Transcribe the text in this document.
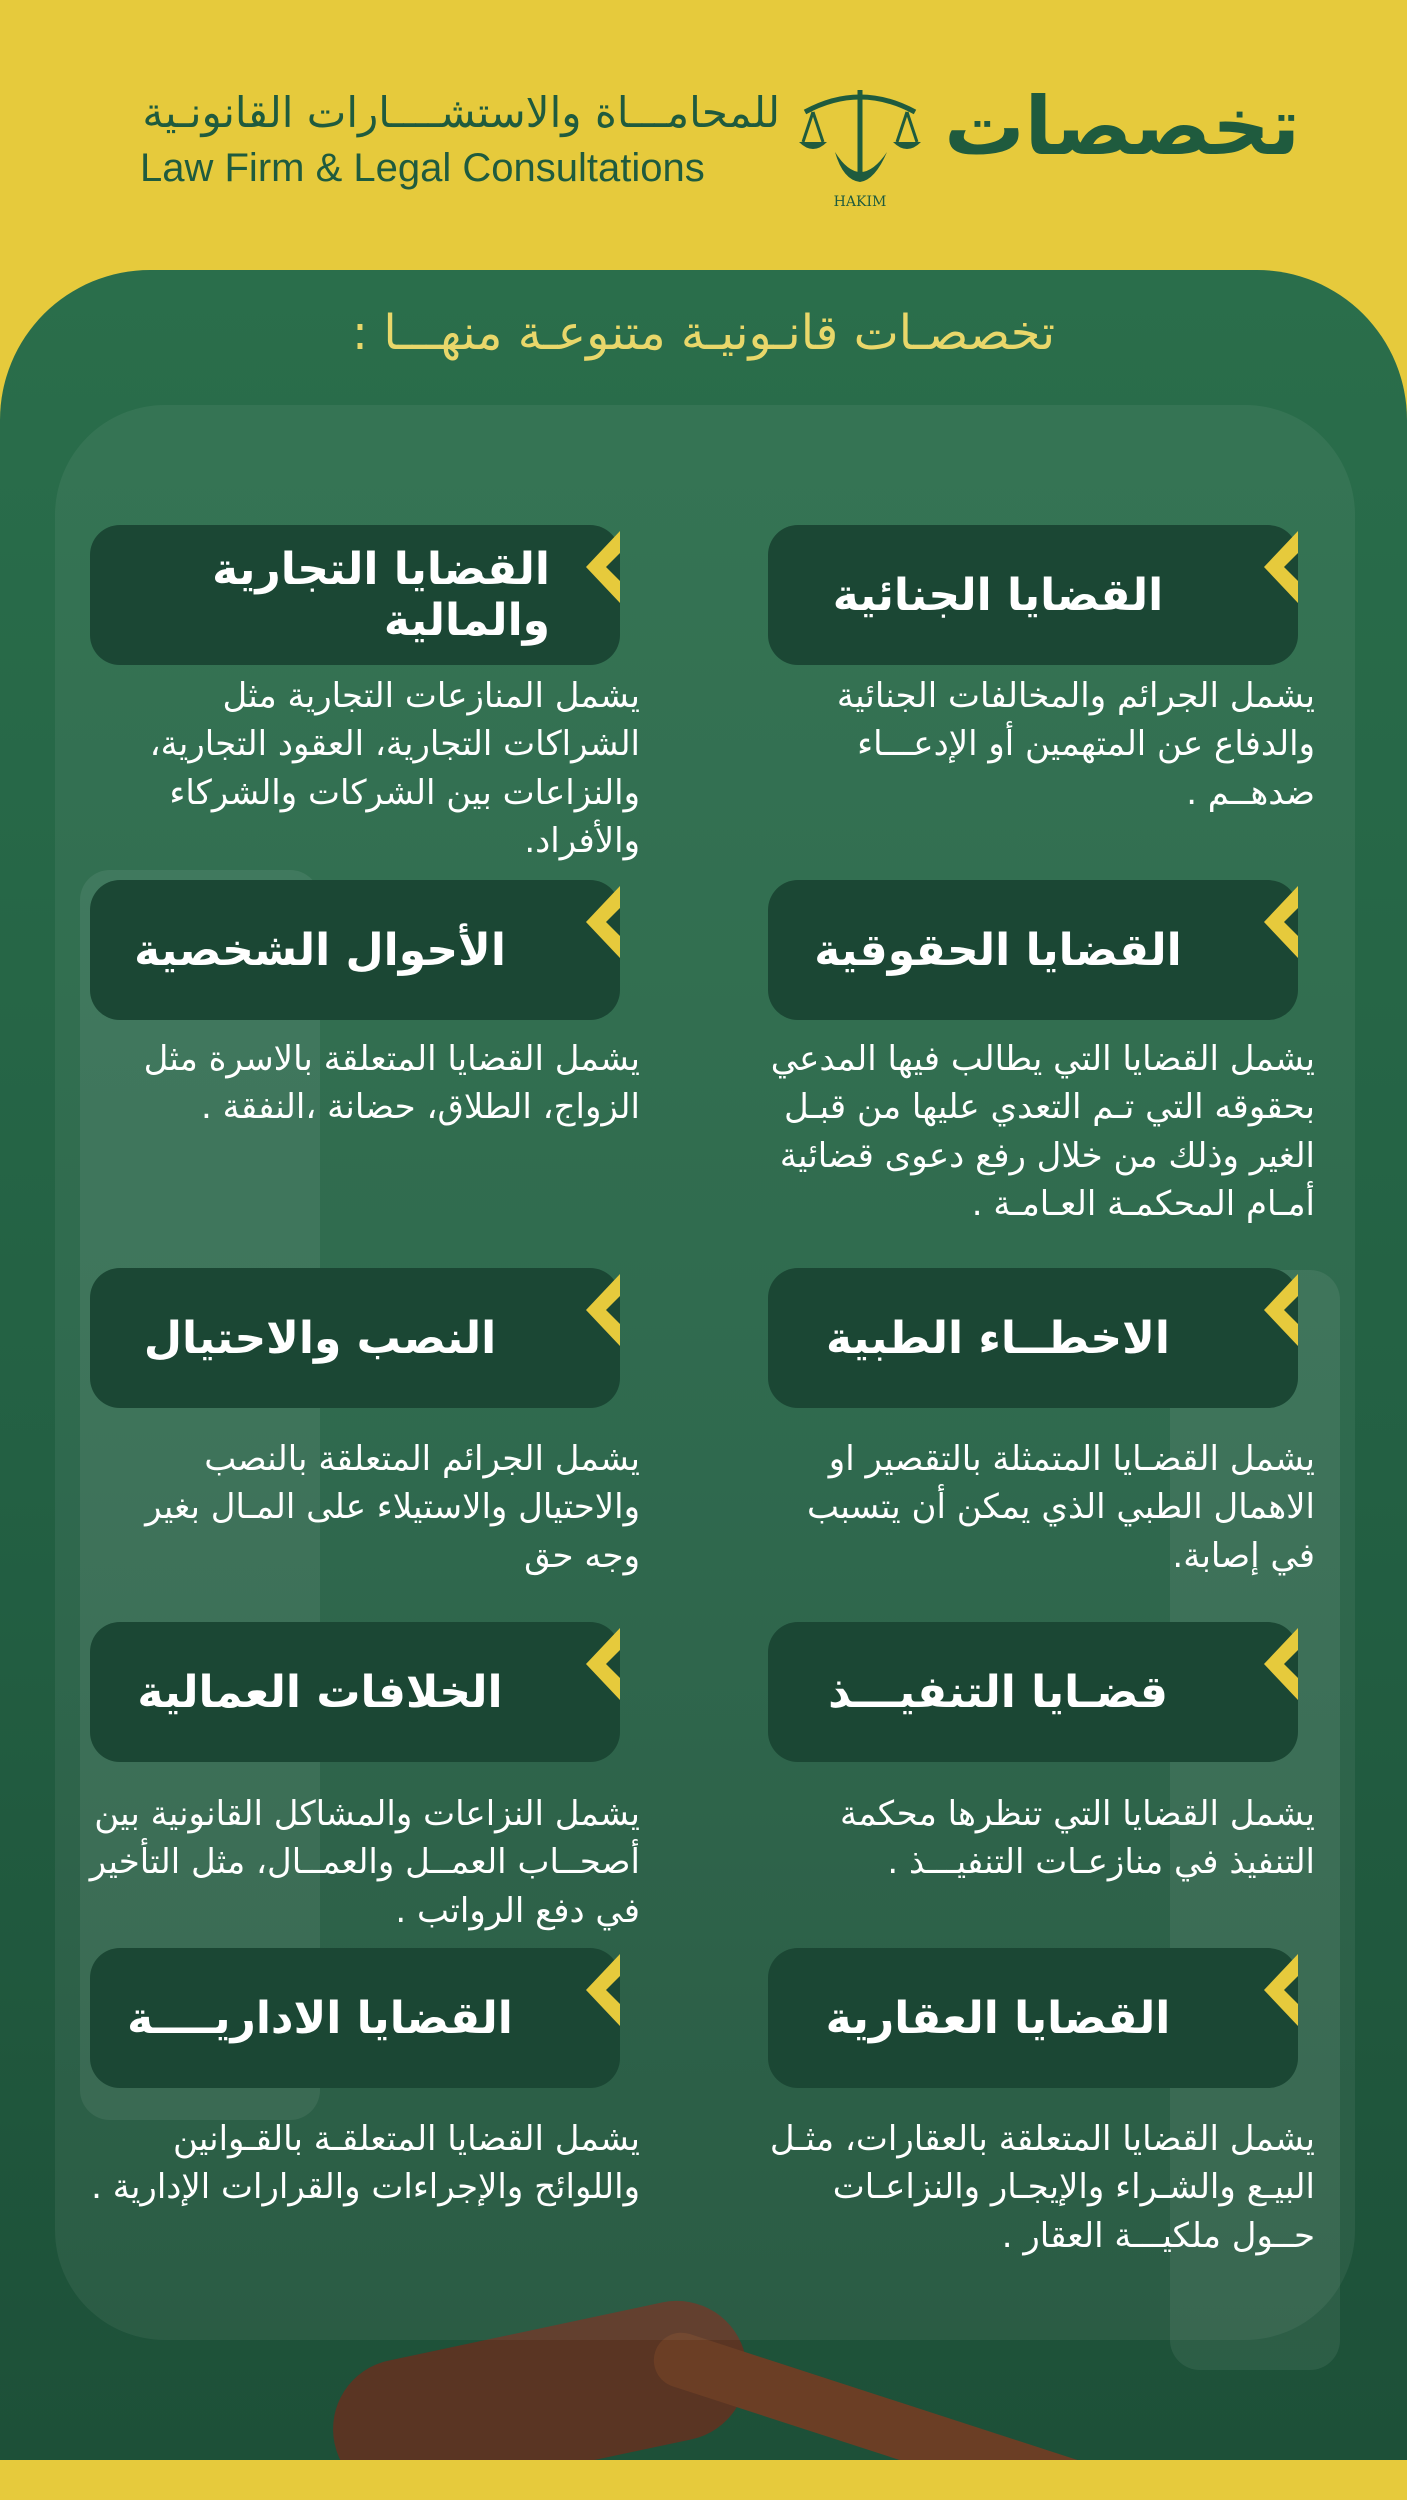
تخصصات
HAKIM
للمحامـــاة والاستشــــارات القانونـية
Law Firm & Legal Consultations
تخصصـات قانـونيـة متنوعـة منهـــا :
القضايا الجنائية
يشمل الجرائم والمخالفات الجنائية والدفاع عن المتهمين أو الإدعـــاء ضدهــم .
القضايا التجارية والمالية
يشمل المنازعات التجارية مثل الشراكات التجارية، العقود التجارية، والنزاعات بين الشركات والشركاء والأفراد.
القضايا الحقوقية
يشمل القضايا التي يطالب فيها المدعي بحقوقه التي تـم التعدي عليها من قبـل الغير وذلك من خلال رفع دعوى قضائية أمـام المحكمـة العـامـة .
الأحوال الشخصية
يشمل القضايا المتعلقة بالاسرة مثل الزواج، الطلاق، حضانة ،النفقة .
الاخطــاء الطبية
يشمل القضـايا المتمثلة بالتقصير او الاهمال الطبي الذي يمكن أن يتسبب في إصابة.
النصب والاحتيال
يشمل الجرائم المتعلقة بالنصب والاحتيال والاستيلاء على المـال بغير وجه حق
قضـايا التنفيـــذ
يشمل القضايا التي تنظرها محكمة التنفيذ في منازعـات التنفيـــذ .
الخلافات العمالية
يشمل النزاعات والمشاكل القانونية بين أصحــاب العمــل والعمــال، مثل التأخير في دفع الرواتب .
القضايا العقارية
يشمل القضايا المتعلقة بالعقارات، مثـل البيـع والشـراء والإيجـار والنزاعـات حــول ملكيـــة العقار .
القضايا الاداريــــة
يشمل القضايا المتعلقـة بالقـوانين واللوائح والإجراءات والقرارات الإدارية .
